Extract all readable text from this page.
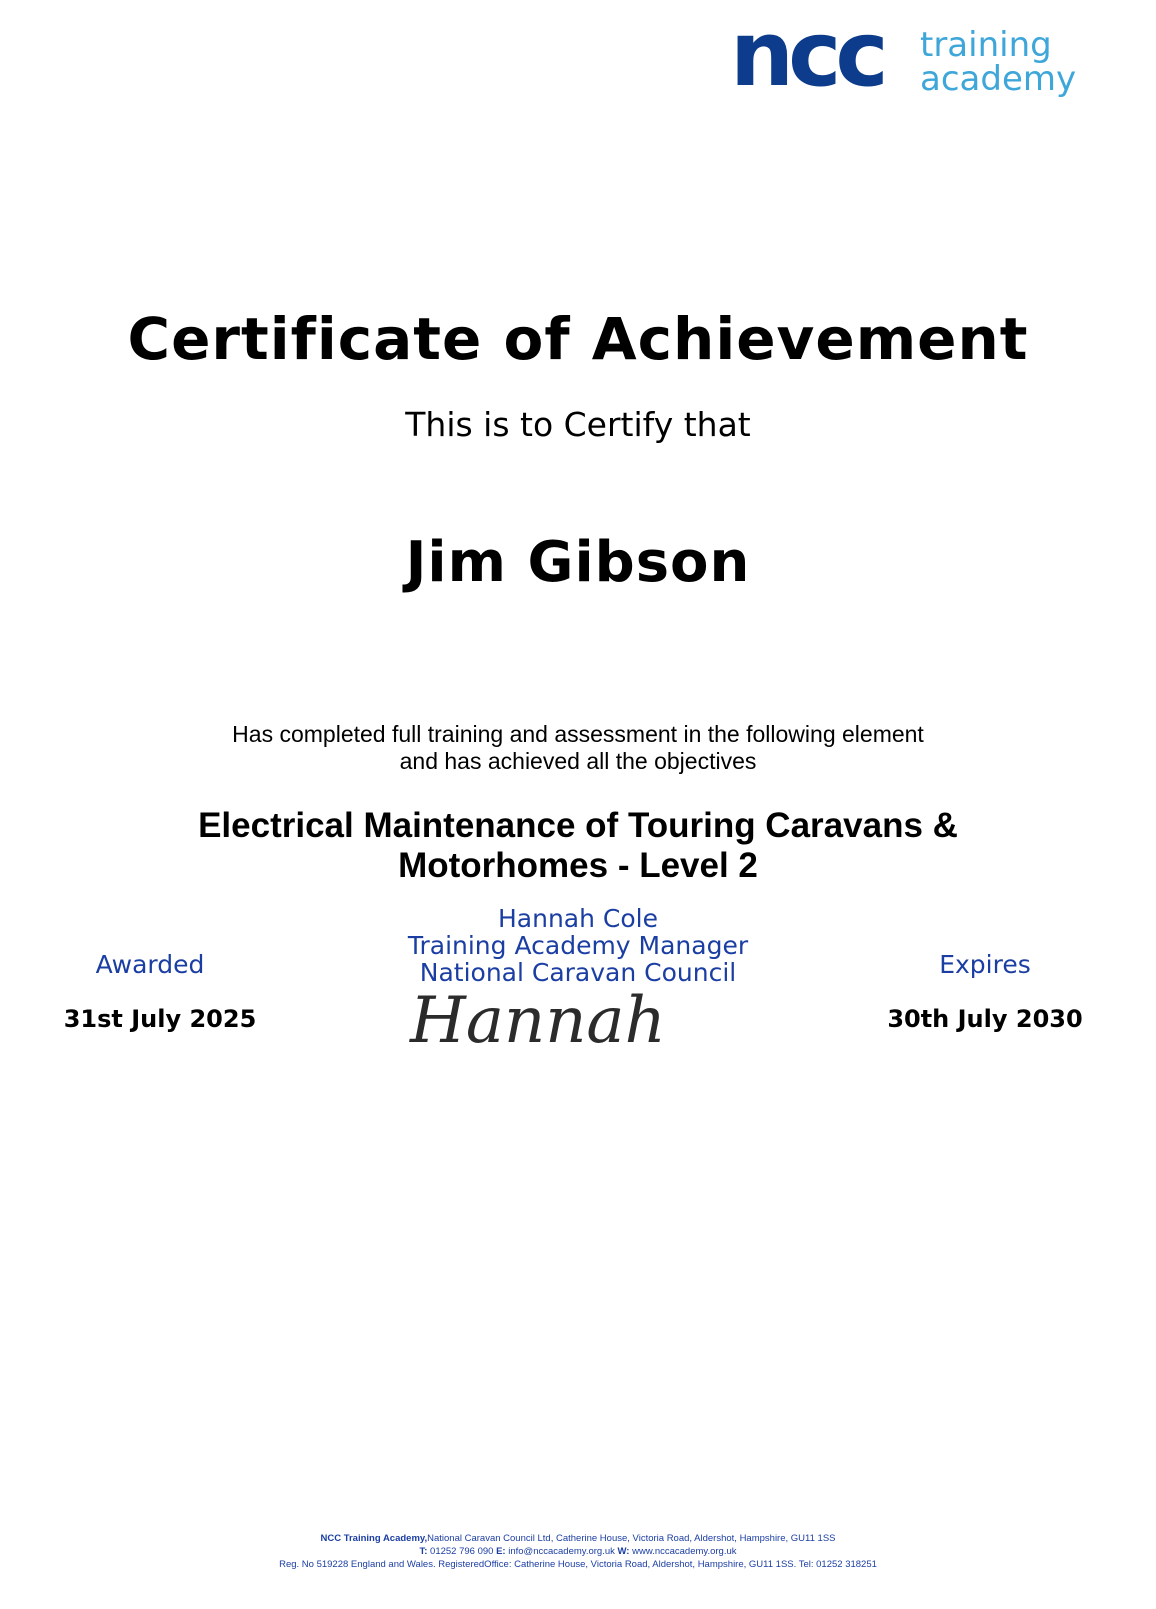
ncc training
academy
Certificate of Achievement
This is to Certify that
Jim Gibson
Has completed full training and assessment in the following element
and has achieved all the objectives
Electrical Maintenance of Touring Caravans &
Motorhomes - Level 2
Hannah Cole
Training Academy Manager
National Caravan Council
Awarded
31st July 2025
Expires
30th July 2030
Hannah
NCC Training Academy,National Caravan Council Ltd, Catherine House, Victoria Road, Aldershot, Hampshire, GU11 1SS
T: 01252 796 090 E: info@nccacademy.org.uk W: www.nccacademy.org.uk
Reg. No 519228 England and Wales. RegisteredOffice: Catherine House, Victoria Road, Aldershot, Hampshire, GU11 1SS. Tel: 01252 318251
